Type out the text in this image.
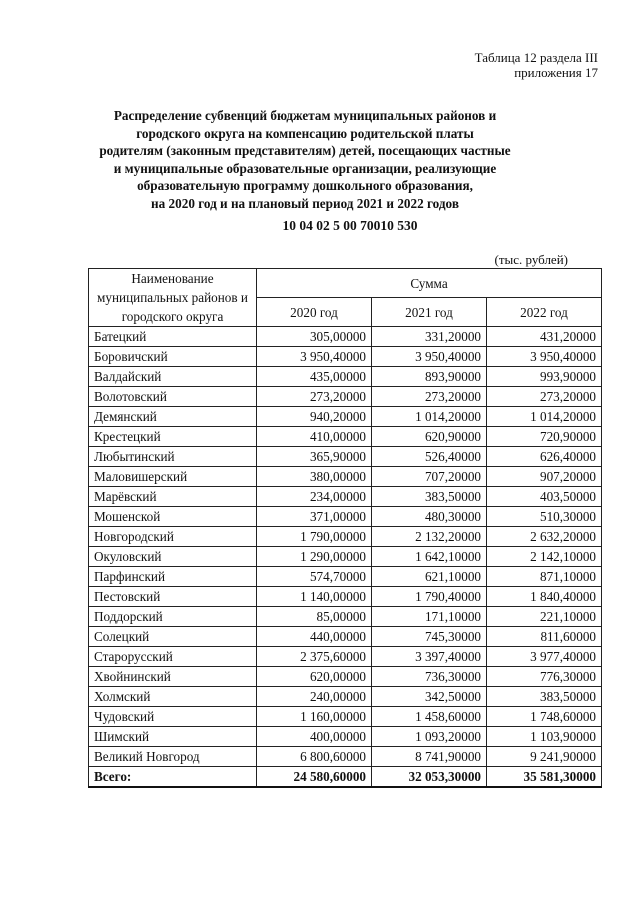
Таблица 12 раздела III
приложения 17
Распределение субвенций бюджетам муниципальных районов и
городского округа на компенсацию родительской платы
родителям (законным представителям) детей, посещающих частные
и муниципальные образовательные организации, реализующие
образовательную программу дошкольного образования,
на 2020 год и на плановый период 2021 и 2022 годов
10 04 02 5 00 70010 530
(тыс. рублей)
Наименование муниципальных районов и городского округа	Сумма		
	2020 год	2021 год	2022 год
Батецкий	305,00000	331,20000	431,20000
Боровичский	3 950,40000	3 950,40000	3 950,40000
Валдайский	435,00000	893,90000	993,90000
Волотовский	273,20000	273,20000	273,20000
Демянский	940,20000	1 014,20000	1 014,20000
Крестецкий	410,00000	620,90000	720,90000
Любытинский	365,90000	526,40000	626,40000
Маловишерский	380,00000	707,20000	907,20000
Марёвский	234,00000	383,50000	403,50000
Мошенской	371,00000	480,30000	510,30000
Новгородский	1 790,00000	2 132,20000	2 632,20000
Окуловский	1 290,00000	1 642,10000	2 142,10000
Парфинский	574,70000	621,10000	871,10000
Пестовский	1 140,00000	1 790,40000	1 840,40000
Поддорский	85,00000	171,10000	221,10000
Солецкий	440,00000	745,30000	811,60000
Старорусский	2 375,60000	3 397,40000	3 977,40000
Хвойнинский	620,00000	736,30000	776,30000
Холмский	240,00000	342,50000	383,50000
Чудовский	1 160,00000	1 458,60000	1 748,60000
Шимский	400,00000	1 093,20000	1 103,90000
Великий Новгород	6 800,60000	8 741,90000	9 241,90000
Всего:	24 580,60000	32 053,30000	35 581,30000
